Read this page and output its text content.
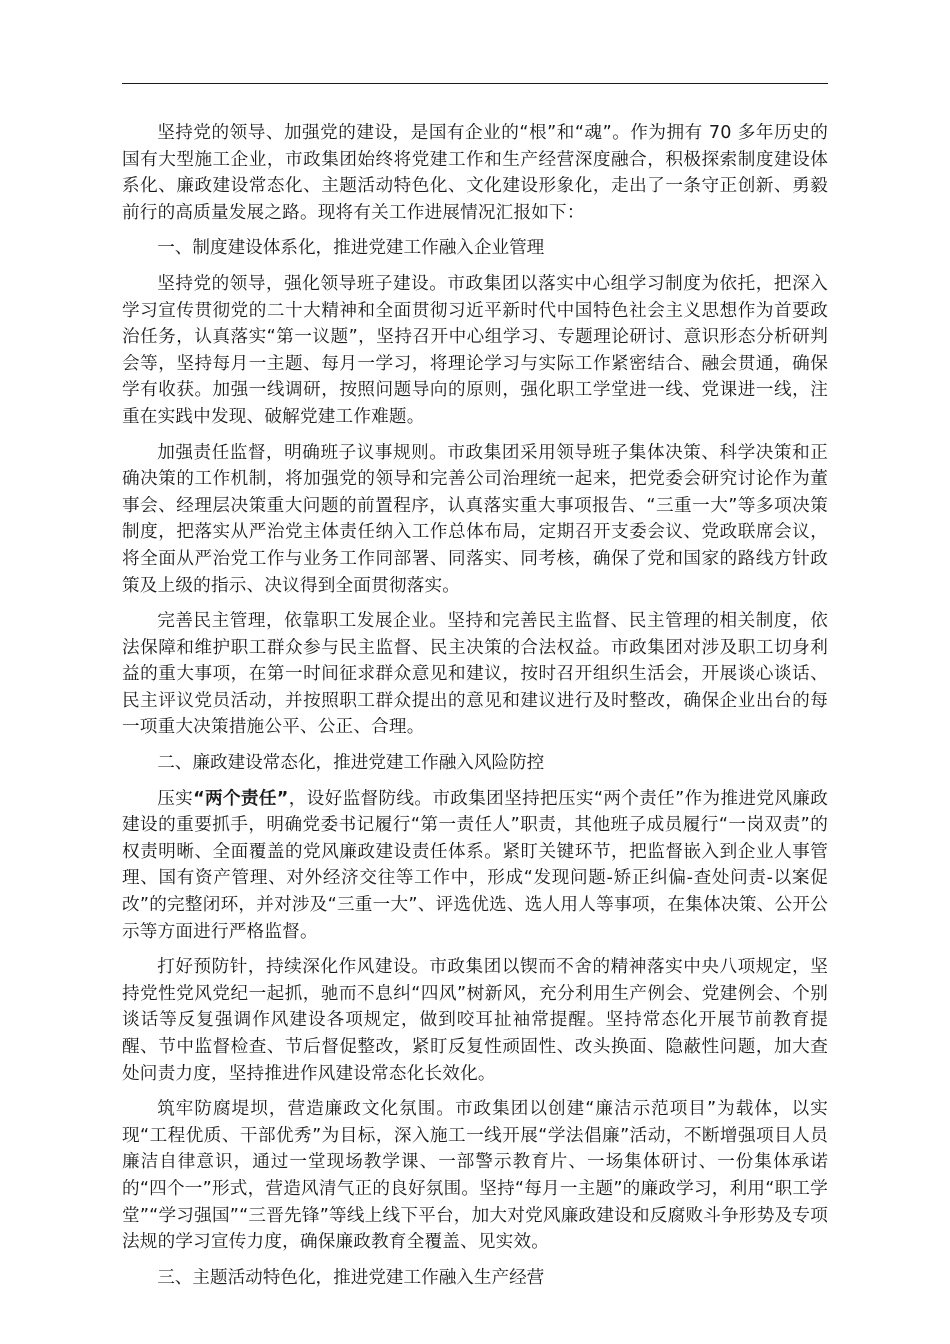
坚持党的领导、加强党的建设，是国有企业的“根”和“魂”。作为拥有 70 多年历史的国有大型施工企业，市政集团始终将党建工作和生产经营深度融合，积极探索制度建设体系化、廉政建设常态化、主题活动特色化、文化建设形象化，走出了一条守正创新、勇毅前行的高质量发展之路。现将有关工作进展情况汇报如下：

一、制度建设体系化，推进党建工作融入企业管理

坚持党的领导，强化领导班子建设。市政集团以落实中心组学习制度为依托，把深入学习宣传贯彻党的二十大精神和全面贯彻习近平新时代中国特色社会主义思想作为首要政治任务，认真落实“第一议题”，坚持召开中心组学习、专题理论研讨、意识形态分析研判会等，坚持每月一主题、每月一学习，将理论学习与实际工作紧密结合、融会贯通，确保学有收获。加强一线调研，按照问题导向的原则，强化职工学堂进一线、党课进一线，注重在实践中发现、破解党建工作难题。

加强责任监督，明确班子议事规则。市政集团采用领导班子集体决策、科学决策和正确决策的工作机制，将加强党的领导和完善公司治理统一起来，把党委会研究讨论作为董事会、经理层决策重大问题的前置程序，认真落实重大事项报告、“三重一大”等多项决策制度，把落实从严治党主体责任纳入工作总体布局，定期召开支委会议、党政联席会议，将全面从严治党工作与业务工作同部署、同落实、同考核，确保了党和国家的路线方针政策及上级的指示、决议得到全面贯彻落实。

完善民主管理，依靠职工发展企业。坚持和完善民主监督、民主管理的相关制度，依法保障和维护职工群众参与民主监督、民主决策的合法权益。市政集团对涉及职工切身利益的重大事项，在第一时间征求群众意见和建议，按时召开组织生活会，开展谈心谈话、民主评议党员活动，并按照职工群众提出的意见和建议进行及时整改，确保企业出台的每一项重大决策措施公平、公正、合理。

二、廉政建设常态化，推进党建工作融入风险防控

压实“两个责任”，设好监督防线。市政集团坚持把压实“两个责任”作为推进党风廉政建设的重要抓手，明确党委书记履行“第一责任人”职责，其他班子成员履行“一岗双责”的权责明晰、全面覆盖的党风廉政建设责任体系。紧盯关键环节，把监督嵌入到企业人事管理、国有资产管理、对外经济交往等工作中，形成“发现问题-矫正纠偏-查处问责-以案促改”的完整闭环，并对涉及“三重一大”、评选优选、选人用人等事项，在集体决策、公开公示等方面进行严格监督。

打好预防针，持续深化作风建设。市政集团以锲而不舍的精神落实中央八项规定，坚持党性党风党纪一起抓，驰而不息纠“四风”树新风，充分利用生产例会、党建例会、个别谈话等反复强调作风建设各项规定，做到咬耳扯袖常提醒。坚持常态化开展节前教育提醒、节中监督检查、节后督促整改，紧盯反复性顽固性、改头换面、隐蔽性问题，加大查处问责力度，坚持推进作风建设常态化长效化。

筑牢防腐堤坝，营造廉政文化氛围。市政集团以创建“廉洁示范项目”为载体，以实现“工程优质、干部优秀”为目标，深入施工一线开展“学法倡廉”活动，不断增强项目人员廉洁自律意识，通过一堂现场教学课、一部警示教育片、一场集体研讨、一份集体承诺的“四个一”形式，营造风清气正的良好氛围。坚持“每月一主题”的廉政学习，利用“职工学堂”“学习强国”“三晋先锋”等线上线下平台，加大对党风廉政建设和反腐败斗争形势及专项法规的学习宣传力度，确保廉政教育全覆盖、见实效。

三、主题活动特色化，推进党建工作融入生产经营
